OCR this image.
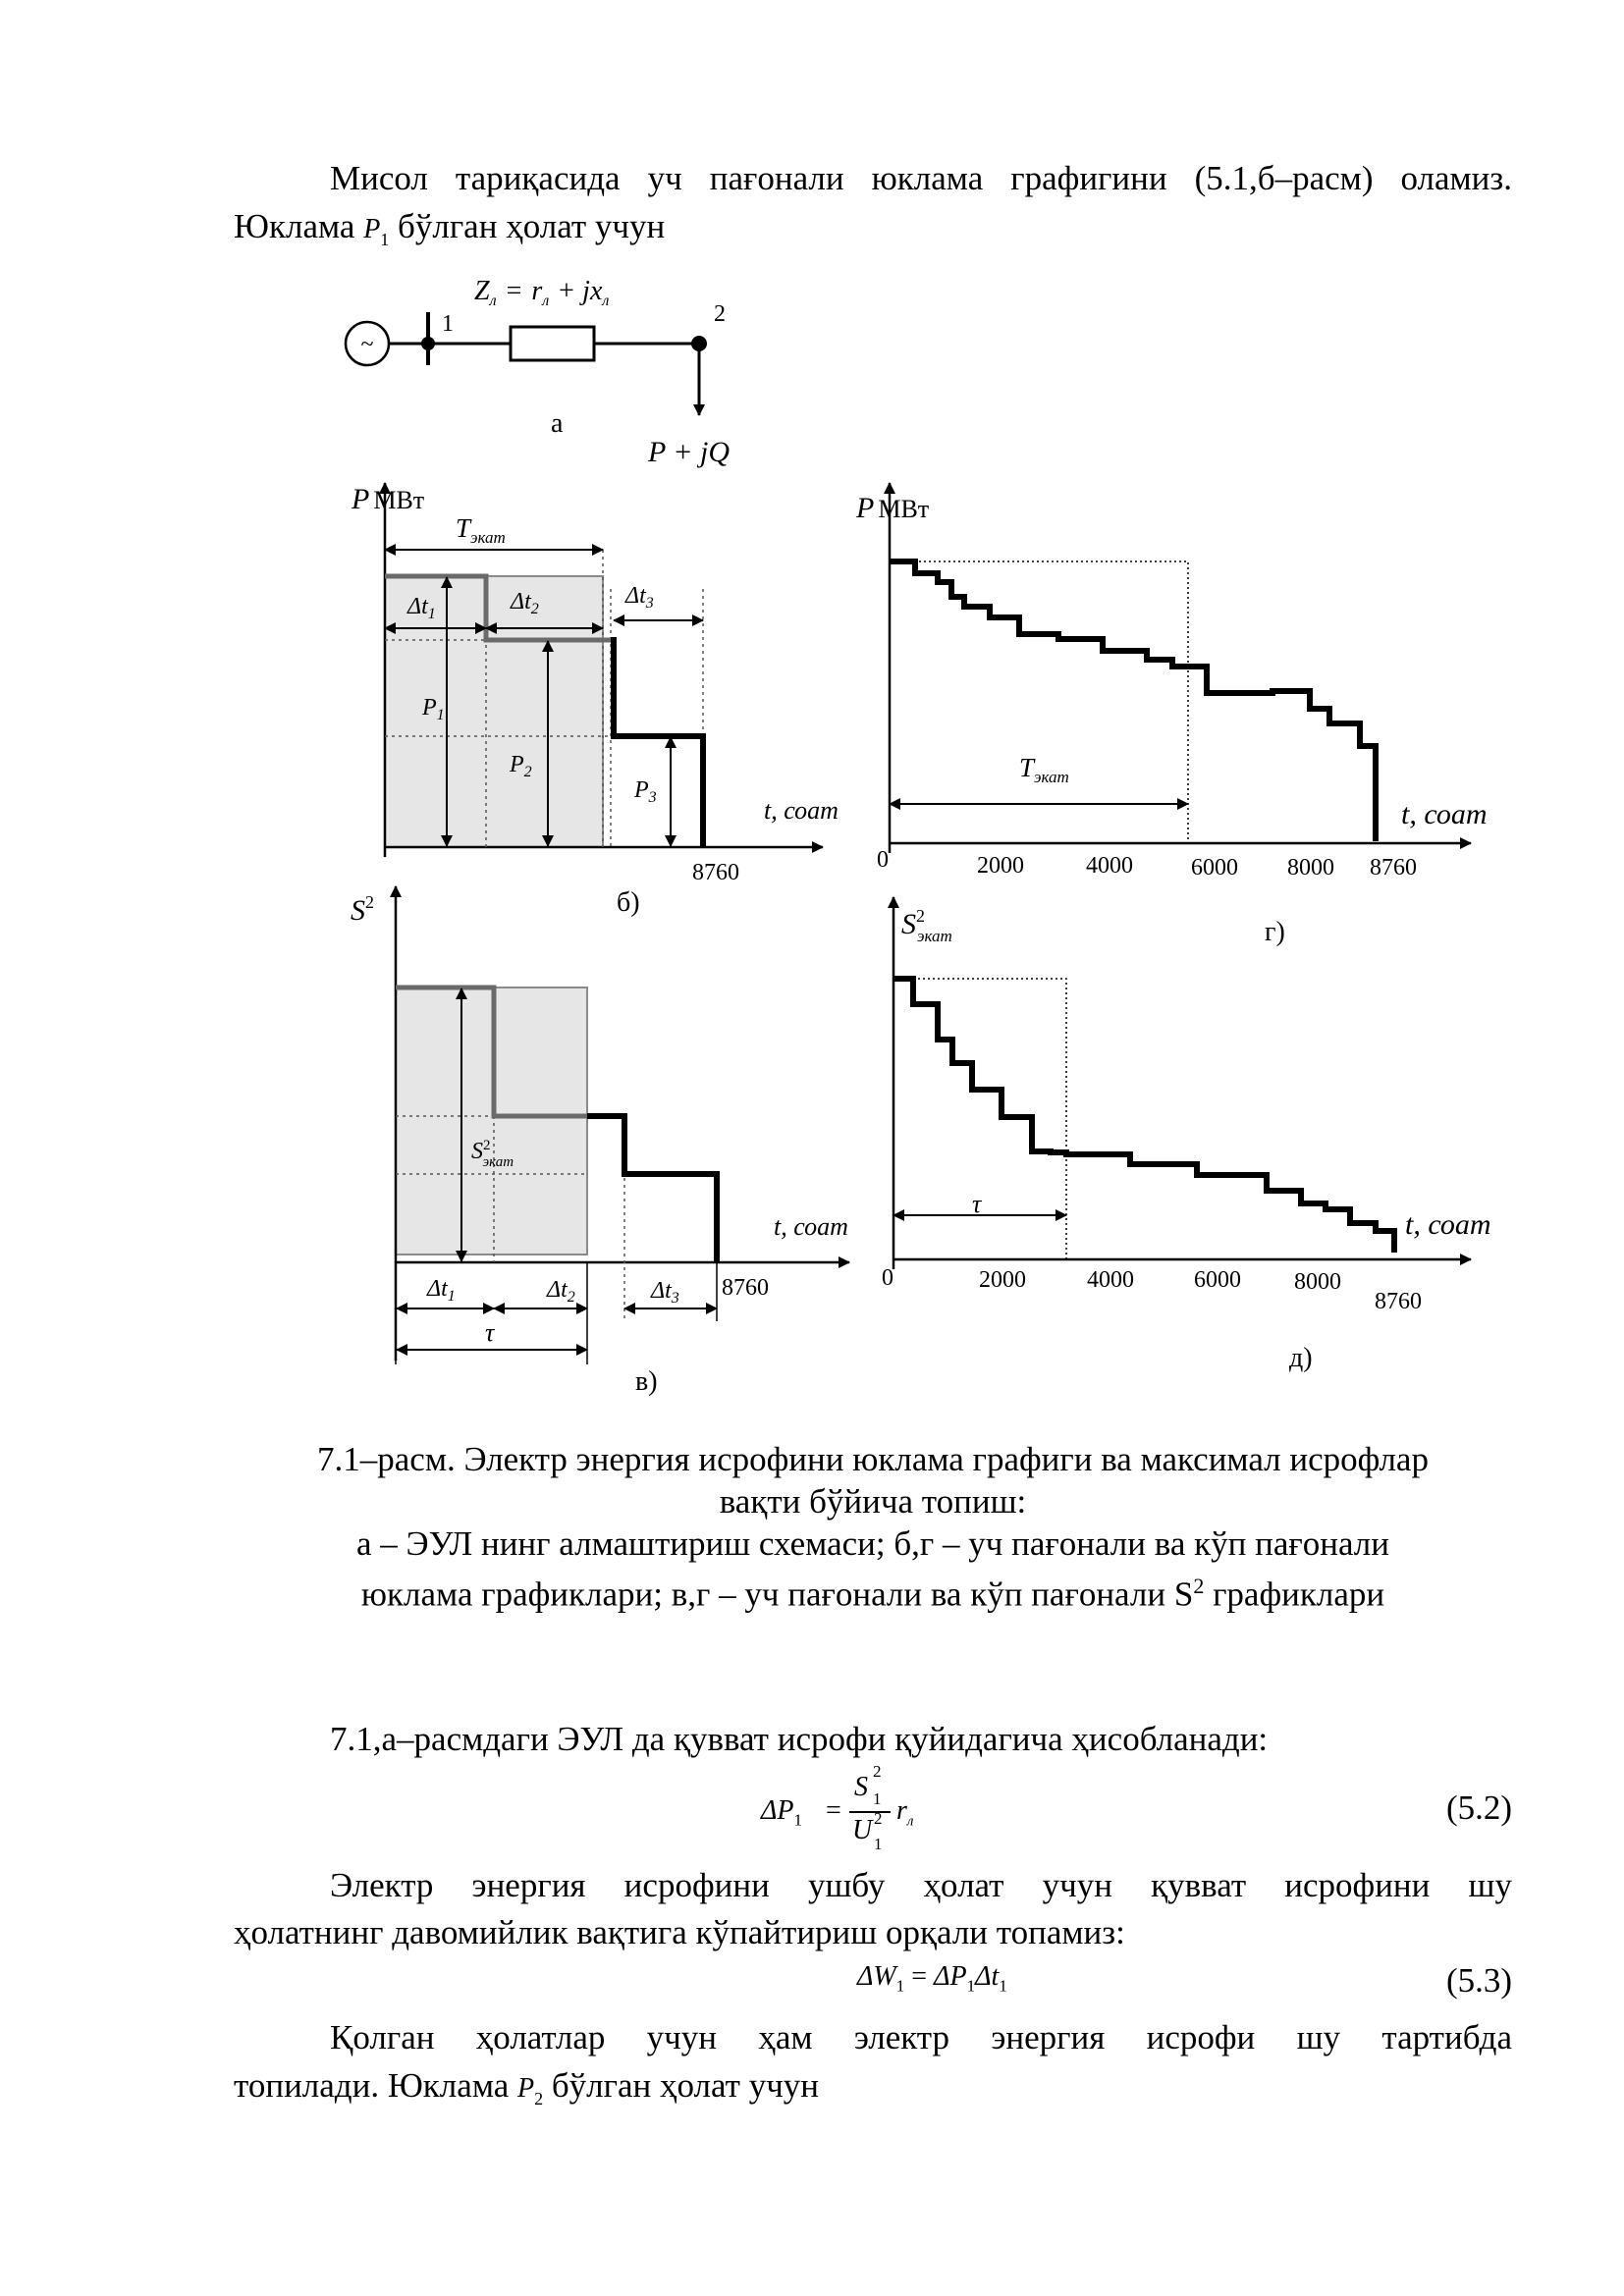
Мисол тариқасида уч пағонали юклама графигини (5.1,б–расм) оламиз.
Юклама $P_1$ бўлган ҳолат учун
~
1	2
$Z_л = r_л + jx_л$
а
P + jQ
P МВт
$T_{экат}$
$\Delta t_1$	$\Delta t_2$
$\Delta t_3$
$P_1$
$P_2$
$P_3$	t, соат
8760
б)
P МВт
$T_{экат}$
t, соат
0	2000	4000 6000 8000 8760
г)
$S^2$
$S^2$ экат
$\Delta t_1$	$\Delta t_2$	$\Delta t_3$
τ
t, соат
8760
в)
$S^2$ экат
τ
t, соат
0	2000	4000	6000 8000
8760
д)
7.1–расм. Электр энергия исрофини юклама графиги ва максимал исрофлар
вақти бўйича топиш:
а – ЭУЛ нинг алмаштириш схемаси; б,г – уч пағонали ва кўп пағонали
юклама графиклари; в,г – уч пағонали ва кўп пағонали $S^2$ графиклари
7.1,а–расмдаги ЭУЛ да қувват исрофи қуйидагича ҳисобланади:
$\Delta P_1$ =
S 1
2
U 1
2 $r_л$	(5.2)
Электр энергия исрофини ушбу ҳолат учун қувват исрофини шу
ҳолатнинг давомийлик вақтига кўпайтириш орқали топамиз:
$\Delta W_1 = \Delta P_1\Delta t_1$	(5.3)
Қолган ҳолатлар учун ҳам электр энергия исрофи шу тартибда
топилади. Юклама $P_2$ бўлган ҳолат учун
